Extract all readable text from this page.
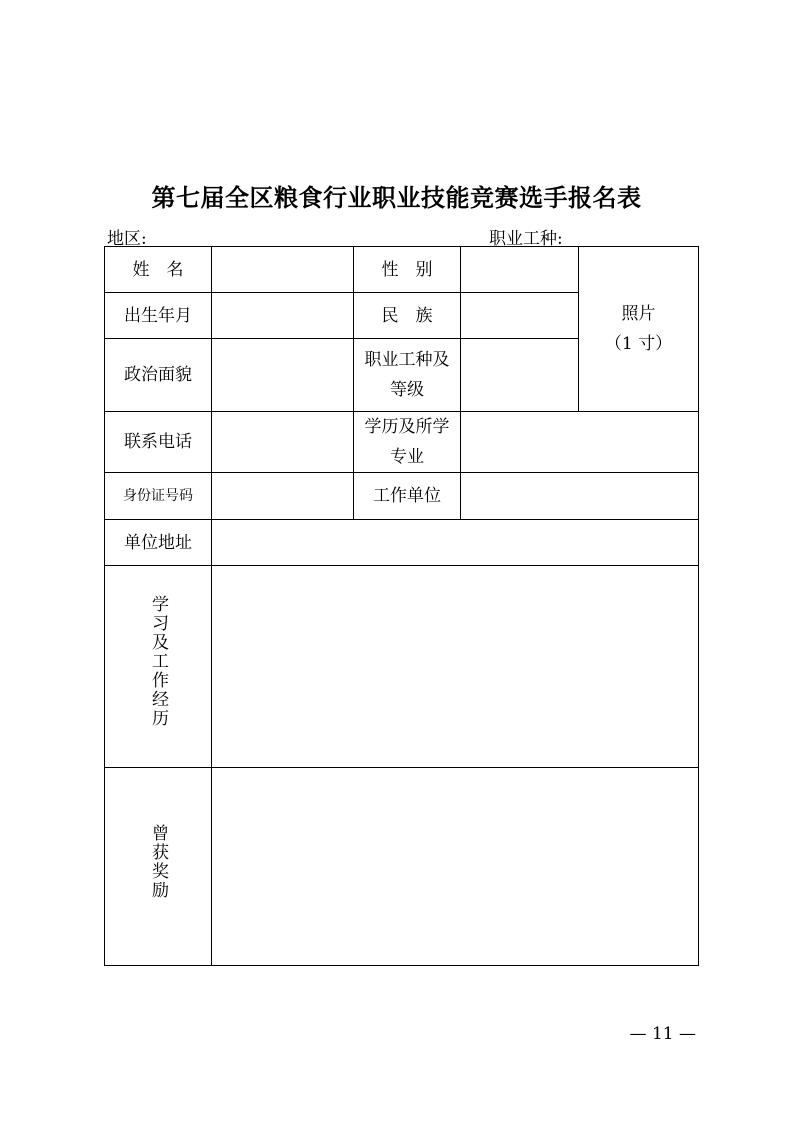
第七届全区粮食行业职业技能竞赛选手报名表
地区:	职业工种:
姓　名		性　别		照片
（1 寸）

出生年月		民　族		
政治面貌		职业工种及等级		
联系电话		学历及所学专业		
身份证号码		工作单位		
单位地址				
学习及工作经历				
曾获奖励				
— 11 —
